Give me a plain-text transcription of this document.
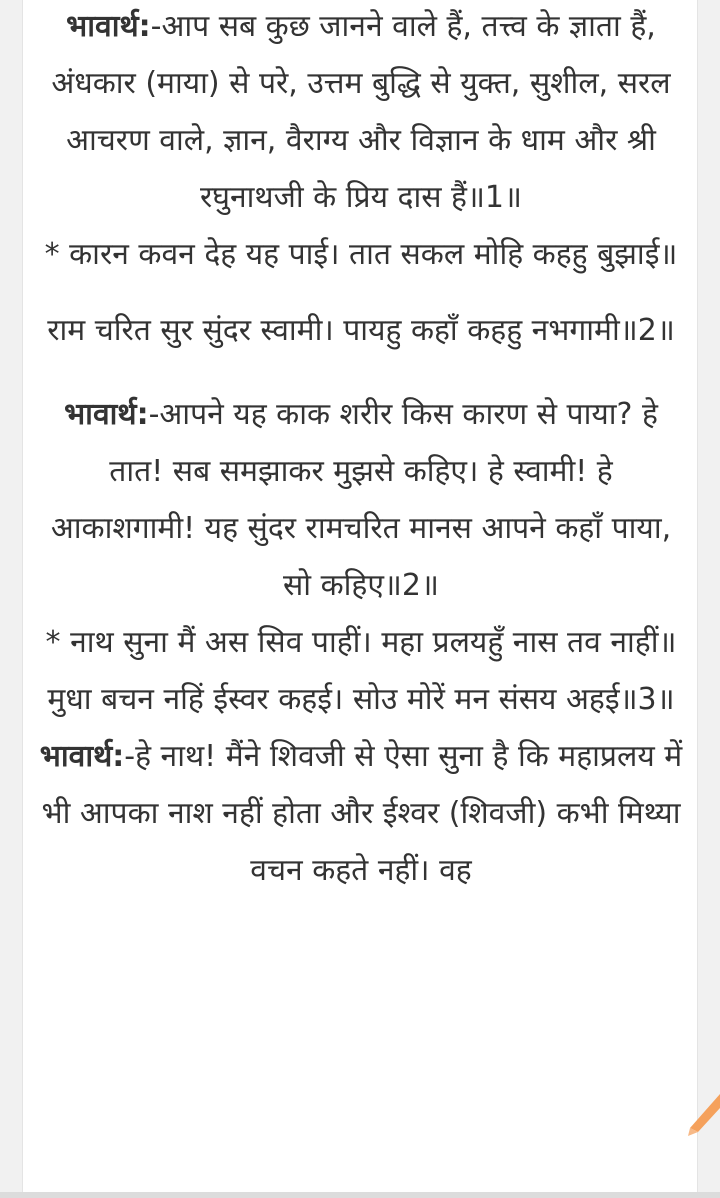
भावार्थ:-आप सब कुछ जानने वाले हैं, तत्त्व के ज्ञाता हैं, अंधकार (माया) से परे, उत्तम बुद्धि से युक्त, सुशील, सरल आचरण वाले, ज्ञान, वैराग्य और विज्ञान के धाम और श्री रघुनाथजी के प्रिय दास हैं॥1॥

* कारन कवन देह यह पाई। तात सकल मोहि कहहु बुझाई॥

राम चरित सुर सुंदर स्वामी। पायहु कहाँ कहहु नभगामी॥2॥

भावार्थ:-आपने यह काक शरीर किस कारण से पाया? हे तात! सब समझाकर मुझसे कहिए। हे स्वामी! हे आकाशगामी! यह सुंदर रामचरित मानस आपने कहाँ पाया, सो कहिए॥2॥

* नाथ सुना मैं अस सिव पाहीं। महा प्रलयहुँ नास तव नाहीं॥

मुधा बचन नहिं ईस्वर कहई। सोउ मोरें मन संसय अहई॥3॥

भावार्थ:-हे नाथ! मैंने शिवजी से ऐसा सुना है कि महाप्रलय में भी आपका नाश नहीं होता और ईश्वर (शिवजी) कभी मिथ्या वचन कहते नहीं। वह
